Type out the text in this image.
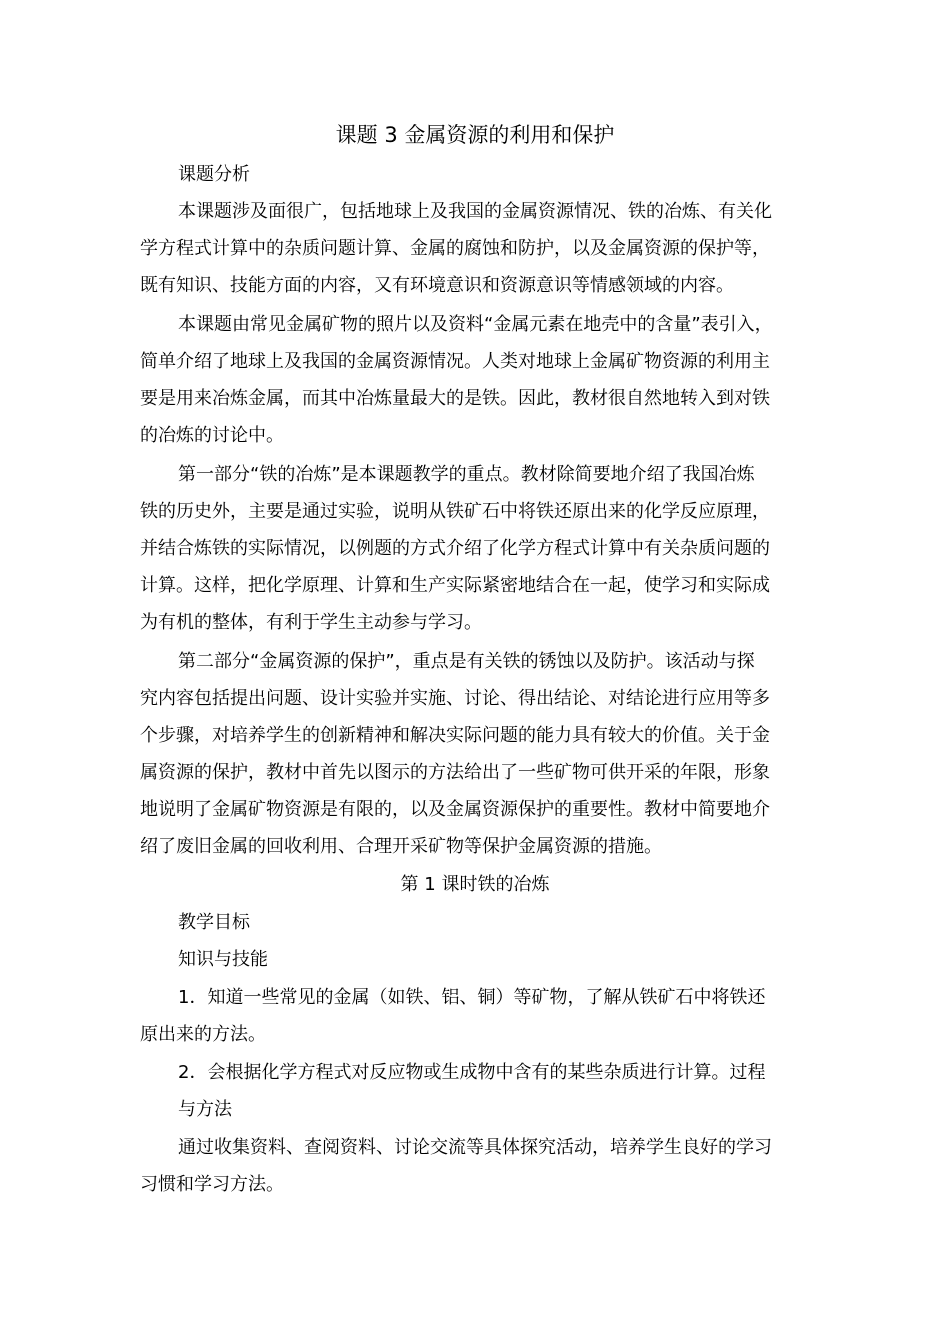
课题 3 金属资源的利用和保护
课题分析
本课题涉及面很广，包括地球上及我国的金属资源情况、铁的冶炼、有关化
学方程式计算中的杂质问题计算、金属的腐蚀和防护，以及金属资源的保护等，
既有知识、技能方面的内容，又有环境意识和资源意识等情感领域的内容。
本课题由常见金属矿物的照片以及资料“金属元素在地壳中的含量”表引入，
简单介绍了地球上及我国的金属资源情况。人类对地球上金属矿物资源的利用主
要是用来冶炼金属，而其中冶炼量最大的是铁。因此，教材很自然地转入到对铁
的冶炼的讨论中。
第一部分“铁的冶炼”是本课题教学的重点。教材除简要地介绍了我国冶炼
铁的历史外，主要是通过实验，说明从铁矿石中将铁还原出来的化学反应原理，
并结合炼铁的实际情况，以例题的方式介绍了化学方程式计算中有关杂质问题的
计算。这样，把化学原理、计算和生产实际紧密地结合在一起，使学习和实际成
为有机的整体，有利于学生主动参与学习。
第二部分“金属资源的保护”，重点是有关铁的锈蚀以及防护。该活动与探
究内容包括提出问题、设计实验并实施、讨论、得出结论、对结论进行应用等多
个步骤，对培养学生的创新精神和解决实际问题的能力具有较大的价值。关于金
属资源的保护，教材中首先以图示的方法给出了一些矿物可供开采的年限，形象
地说明了金属矿物资源是有限的，以及金属资源保护的重要性。教材中简要地介
绍了废旧金属的回收利用、合理开采矿物等保护金属资源的措施。
第 1 课时铁的冶炼
教学目标
知识与技能
1．知道一些常见的金属（如铁、铝、铜）等矿物，了解从铁矿石中将铁还
原出来的方法。
2．会根据化学方程式对反应物或生成物中含有的某些杂质进行计算。过程
与方法
通过收集资料、查阅资料、讨论交流等具体探究活动，培养学生良好的学习
习惯和学习方法。
